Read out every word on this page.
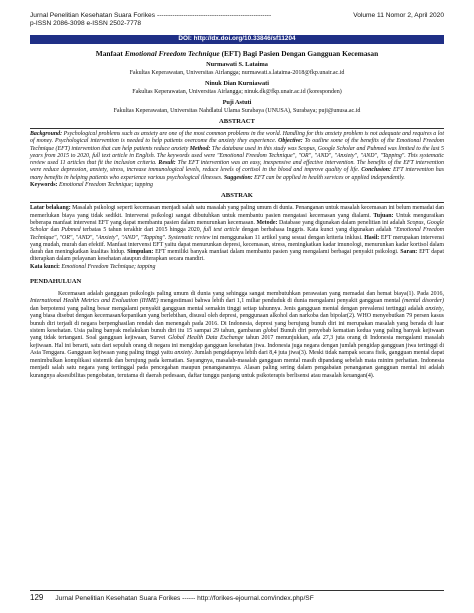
Jurnal Penelitian Kesehatan Suara Forikes ----------------------------------------------------	Volume 11 Nomor 2, April 2020
p-ISSN 2086-3098 e-ISSN 2502-7778
DOI: http://dx.doi.org/10.33846/sf11204
Manfaat Emotional Freedom Technique (EFT) Bagi Pasien Dengan Gangguan Kecemasan
Nurmawati S. Lataima
Fakultas Keperawatan, Universitas Airlangga; nurmawati.s.lataima-2018@fkp.unair.ac.id
Ninuk Dian Kurniawati
Fakultas Keperawatan, Universitas Airlangga; ninuk.dk@fkp.unair.ac.id (koresponden)
Puji Astuti
Fakultas Keperawatan, Universitas Nahdlatul Ulama Surabaya (UNUSA), Surabaya; puji@unusa.ac.id
ABSTRACT
Background: Psychological problems such as anxiety are one of the most common problems in the world. Handling for this anxiety problem is not adequate and requires a lot of money. Psychological intervention is needed to help patients overcome the anxiety they experience. Objective: To outline some of the benefits of the Emotional Freedom Technique (EFT) intervention that can help patients reduce anxiety Method: The database used in this study was Scopus, Google Scholar and Pubmed was limited to the last 5 years from 2015 to 2020, full text article in English. The keywords used were "Emotional Freedom Technique", "OR", "AND", "Anxiety", "AND", "Tapping". This systematic review used 11 articles that fit the inclusion criteria. Result: The EFT intervention was an easy, inexpensive and effective intervention. The benefits of the EFT intervention were reduce depression, anxiety, stress, increase immunological levels, reduce levels of cortisol in the blood and improve quality of life. Conclusion: EFT intervention has many benefits in helping patients who experience various psychological illnesses. Suggestion: EFT can be applied in health services or applied independently.
Keywords: Emotional Freedom Technique; tapping
ABSTRAK
Latar belakang: Masalah psikologi seperti kecemasan menjadi salah satu masalah yang paling umum di dunia. Penanganan untuk masalah kecemasan ini belum memadai dan memerlukan biaya yang tidak sedikit. Intervensi psikologi sangat dibutuhkan untuk membantu pasien mengatasi kecemasan yang dialami. Tujuan: Untuk menguraikan beberapa manfaat intervensi EFT yang dapat membantu pasien dalam menurunkan kecemasan. Metode: Database yang digunakan dalam penelitian ini adalah Scopus, Google Scholar dan Pubmed terbatas 5 tahun terakhir dari 2015 hingga 2020, full text article dengan berbahasa Inggris. Kata kunci yang digunakan adalah "Emotional Freedom Technique", "OR", "AND", "Anxiety", "AND", "Tapping". Systematic review ini menggunakan 11 artikel yang sesuai dengan kriteria inklusi. Hasil: EFT merupakan intervensi yang mudah, murah dan efektif. Manfaat intervensi EFT yaitu dapat menurunkan depresi, kecemasan, stress, meningkatkan kadar imunologi, menurunkan kadar kortisol dalam darah dan meningkatkan kualitas hidup. Simpulan: EFT memiliki banyak manfaat dalam membantu pasien yang mengalami berbagai penyakit psikologi. Saran: EFT dapat diterapkan dalam pelayanan kesehatan ataupun diterapkan secara mandiri.
Kata kunci: Emotional Freedom Technique; tapping
PENDAHULUAN
Kecemasan adalah gangguan psikologis paling umum di dunia yang sehingga sangat membutuhkan perawatan yang memadai dan hemat biaya(1). Pada 2016, International Health Metrics and Evaluation (IHME) mengestimasi bahwa lebih dari 1,1 miliar penduduk di dunia mengalami penyakit gangguan mental (mental disorder) dan berpotensi yang paling besar mengalami penyakit gangguan mental semakin tinggi setiap tahunnya. Jenis gangguan mental dengan prevalensi tertinggi adalah anxiety, yang biasa disebut dengan kecemasan/kepanikan yang berlebihan, disusul oleh depresi, penggunaan alkohol dan narkoba dan bipolar(2). WHO menyebutkan 79 persen kasus bunuh diri terjadi di negara berpenghasilan rendah dan menengah pada 2016. Di Indonesia, depresi yang berujung bunuh diri ini merupakan masalah yang berada di luar sistem kesehatan. Usia paling banyak melakukan bunuh diri itu 15 sampai 29 tahun, gambaran global Bunuh diri penyebab kematian kedua yang paling banyak kejiwaan yang tidak tertangani. Soal gangguan kejiwaan, Survei Global Health Data Exchange tahun 2017 menunjukkan, ada 27,3 juta orang di Indonesia mengalami masalah kejiwaan. Hal ini berarti, satu dari sepuluh orang di negara ini mengidap gangguan kesehatan jiwa. Indonesia juga negara dengan jumlah pengidap gangguan jiwa tertinggi di Asia Tenggara. Gangguan kejiwaan yang paling tinggi yaitu anxiety. Jumlah pengidapnya lebih dari 8,4 juta jiwa(3). Meski tidak nampak secara fisik, gangguan mental dapat menimbulkan komplikasi sistemik dan berujung pada kematian. Sayangnya, masalah-masalah gangguan mental masih dipandang sebelah mata minim perhatian. Indonesia menjadi salah satu negara yang tertinggal pada pencegahan maupun penanganannya. Alasan paling sering dalam pengabaian penanganan gangguan mental ini adalah kurangnya aksesibilitas pengobatan, terutama di daerah pedesaan, daftar tunggu panjang untuk psikoterapis berlisensi atau masalah keuangan(4).
129 Jurnal Penelitian Kesehatan Suara Forikes ------ http://forikes-ejournal.com/index.php/SF
